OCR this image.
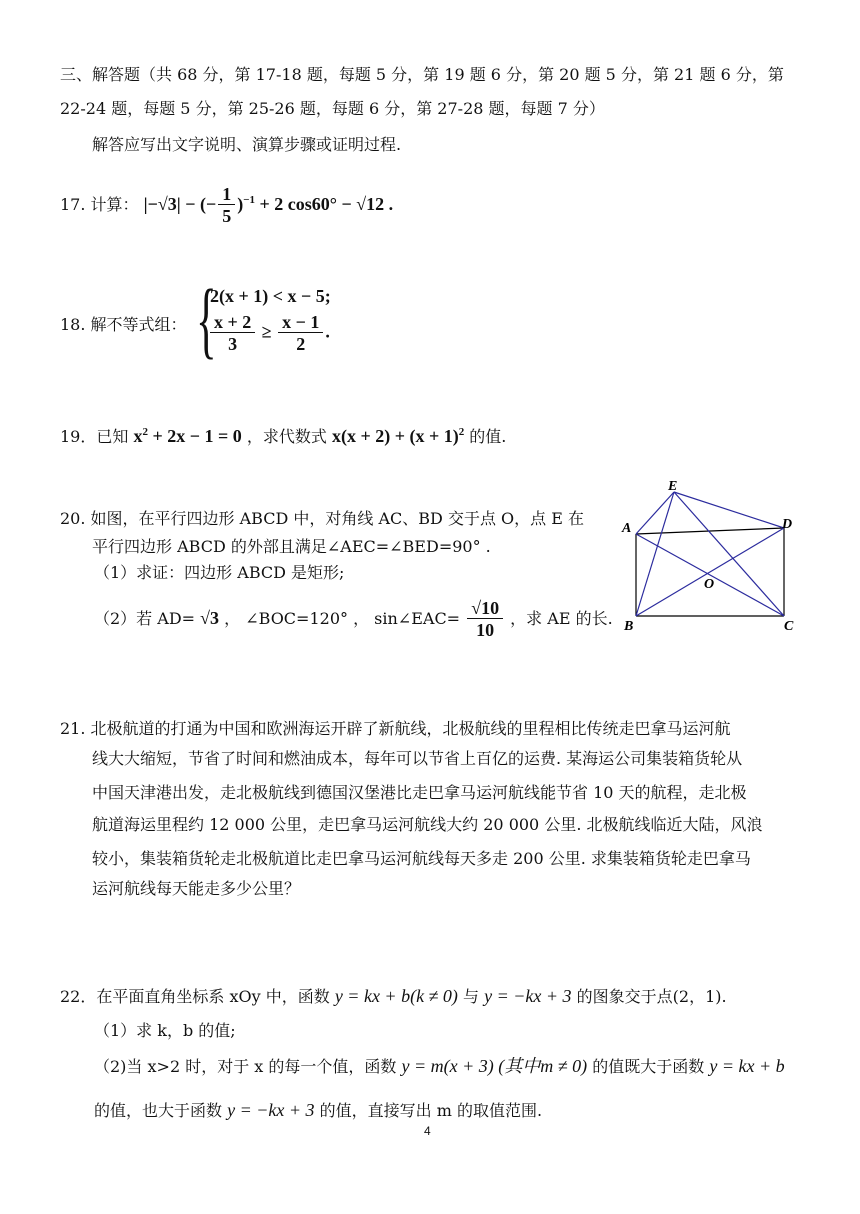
三、解答题（共 68 分，第 17-18 题，每题 5 分，第 19 题 6 分，第 20 题 5 分，第 21 题 6 分，第
22-24 题，每题 5 分，第 25-26 题，每题 6 分，第 27-28 题，每题 7 分）
解答应写出文字说明、演算步骤或证明过程.
17. 计算： |−√3| − (− $\frac{1}{5} )^{-1} + 2$ cos60° − √12 .
18. 解不等式组： {
2(x + 1) < x − 5;
$\frac{x + 2}{3} \ge \frac{x - 1}{2}$ .
19．已知 $x^2 + 2x - 1 = 0$ ，求代数式 $x(x + 2) + (x + 1)^2$ 的值.
20. 如图，在平行四边形 ABCD 中，对角线 AC、BD 交于点 O，点 E 在
平行四边形 ABCD 的外部且满足∠AEC=∠BED=90° .
（1）求证：四边形 ABCD 是矩形;
（2）若 AD= √3 ， ∠BOC=120° ， sin∠EAC= $\frac{√10}{10}$ ，求 AE 的长.
E
A	D
O
B	C
21. 北极航道的打通为中国和欧洲海运开辟了新航线，北极航线的里程相比传统走巴拿马运河航
线大大缩短，节省了时间和燃油成本，每年可以节省上百亿的运费. 某海运公司集装箱货轮从
中国天津港出发，走北极航线到德国汉堡港比走巴拿马运河航线能节省 10 天的航程，走北极
航道海运里程约 12 000 公里，走巴拿马运河航线大约 20 000 公里. 北极航线临近大陆，风浪
较小，集装箱货轮走北极航道比走巴拿马运河航线每天多走 200 公里. 求集装箱货轮走巴拿马
运河航线每天能走多少公里？
22．在平面直角坐标系 xOy 中，函数 y = kx + b(k ≠ 0) 与 y = −kx + 3 的图象交于点(2，1).
（1）求 k，b 的值;
（2)当 x>2 时，对于 x 的每一个值，函数 y = m(x + 3) (其中m ≠ 0) 的值既大于函数 y = kx + b
的值，也大于函数 y = −kx + 3 的值，直接写出 m 的取值范围.
4
